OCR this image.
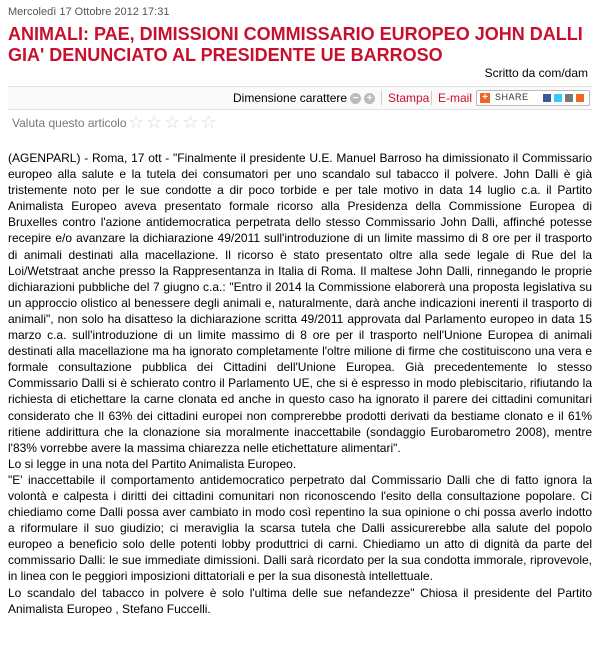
Mercoledì 17 Ottobre 2012 17:31
ANIMALI: PAE, DIMISSIONI COMMISSARIO EUROPEO JOHN DALLI GIA' DENUNCIATO AL PRESIDENTE UE BARROSO
Scritto da com/dam
Dimensione carattere − + Stampa E-mail + SHARE
Valuta questo articolo ☆ ☆ ☆ ☆ ☆

(AGENPARL) - Roma, 17 ott - "Finalmente il presidente U.E. Manuel Barroso ha dimissionato il Commissario europeo alla salute e la tutela dei consumatori per uno scandalo sul tabacco il polvere. John Dalli è già tristemente noto per le sue condotte a dir poco torbide e per tale motivo in data 14 luglio c.a. il Partito Animalista Europeo aveva presentato formale ricorso alla Presidenza della Commissione Europea di Bruxelles contro l'azione antidemocratica perpetrata dello stesso Commissario John Dalli, affinché potesse recepire e/o avanzare la dichiarazione 49/2011 sull'introduzione di un limite massimo di 8 ore per il trasporto di animali destinati alla macellazione. Il ricorso è stato presentato oltre alla sede legale di Rue del la Loi/Wetstraat anche presso la Rappresentanza in Italia di Roma. Il maltese John Dalli, rinnegando le proprie dichiarazioni pubbliche del 7 giugno c.a.: "Entro il 2014 la Commissione elaborerà una proposta legislativa su un approccio olistico al benessere degli animali e, naturalmente, darà anche indicazioni inerenti il trasporto di animali", non solo ha disatteso la dichiarazione scritta 49/2011 approvata dal Parlamento europeo in data 15 marzo c.a. sull'introduzione di un limite massimo di 8 ore per il trasporto nell'Unione Europea di animali destinati alla macellazione ma ha ignorato completamente l'oltre milione di firme che costituiscono una vera e formale consultazione pubblica dei Cittadini dell'Unione Europea. Già precedentemente lo stesso Commissario Dalli si è schierato contro il Parlamento UE, che si è espresso in modo plebiscitario, rifiutando la richiesta di etichettare la carne clonata ed anche in questo caso ha ignorato il parere dei cittadini comunitari considerato che Il 63% dei cittadini europei non comprerebbe prodotti derivati da bestiame clonato e il 61% ritiene addirittura che la clonazione sia moralmente inaccettabile (sondaggio Eurobarometro 2008), mentre l'83% vorrebbe avere la massima chiarezza nelle etichettature alimentari".

Lo si legge in una nota del Partito Animalista Europeo.

"E' inaccettabile il comportamento antidemocratico perpetrato dal Commissario Dalli che di fatto ignora la volontà e calpesta i diritti dei cittadini comunitari non riconoscendo l'esito della consultazione popolare. Ci chiediamo come Dalli possa aver cambiato in modo così repentino la sua opinione o chi possa averlo indotto a riformulare il suo giudizio; ci meraviglia la scarsa tutela che Dalli assicurerebbe alla salute del popolo europeo a beneficio solo delle potenti lobby produttrici di carni. Chiediamo un atto di dignità da parte del commissario Dalli: le sue immediate dimissioni. Dalli sarà ricordato per la sua condotta immorale, riprovevole, in linea con le peggiori imposizioni dittatoriali e per la sua disonestà intellettuale.

Lo scandalo del tabacco in polvere è solo l'ultima delle sue nefandezze" Chiosa il presidente del Partito Animalista Europeo , Stefano Fuccelli.
